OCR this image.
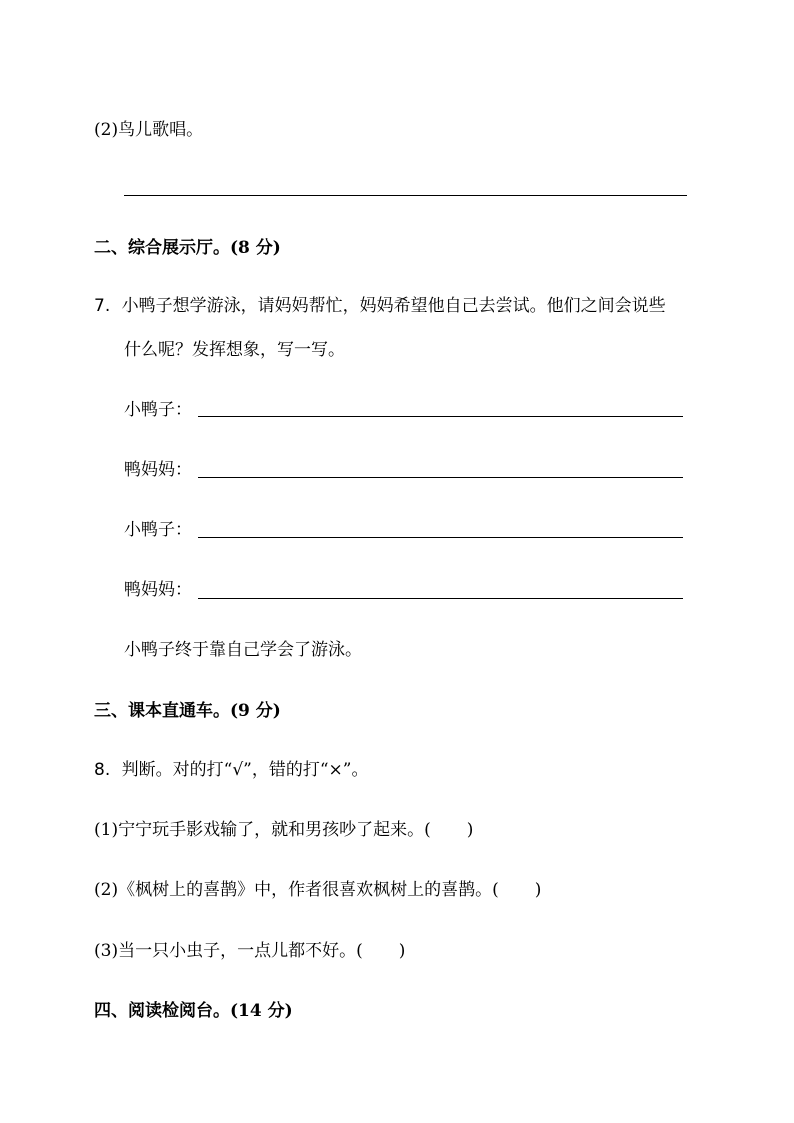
(2)鸟儿歌唱。
二、综合展示厅。(8 分)
7. 小鸭子想学游泳，请妈妈帮忙，妈妈希望他自己去尝试。他们之间会说些
什么呢？发挥想象，写一写。
小鸭子：
鸭妈妈：
小鸭子：
鸭妈妈：
小鸭子终于靠自己学会了游泳。
三、课本直通车。(9 分)
8. 判断。对的打“√”，错的打“×”。
(1)宁宁玩手影戏输了，就和男孩吵了起来。( )
(2)《枫树上的喜鹊》中，作者很喜欢枫树上的喜鹊。( )
(3)当一只小虫子，一点儿都不好。( )
四、阅读检阅台。(14 分)
